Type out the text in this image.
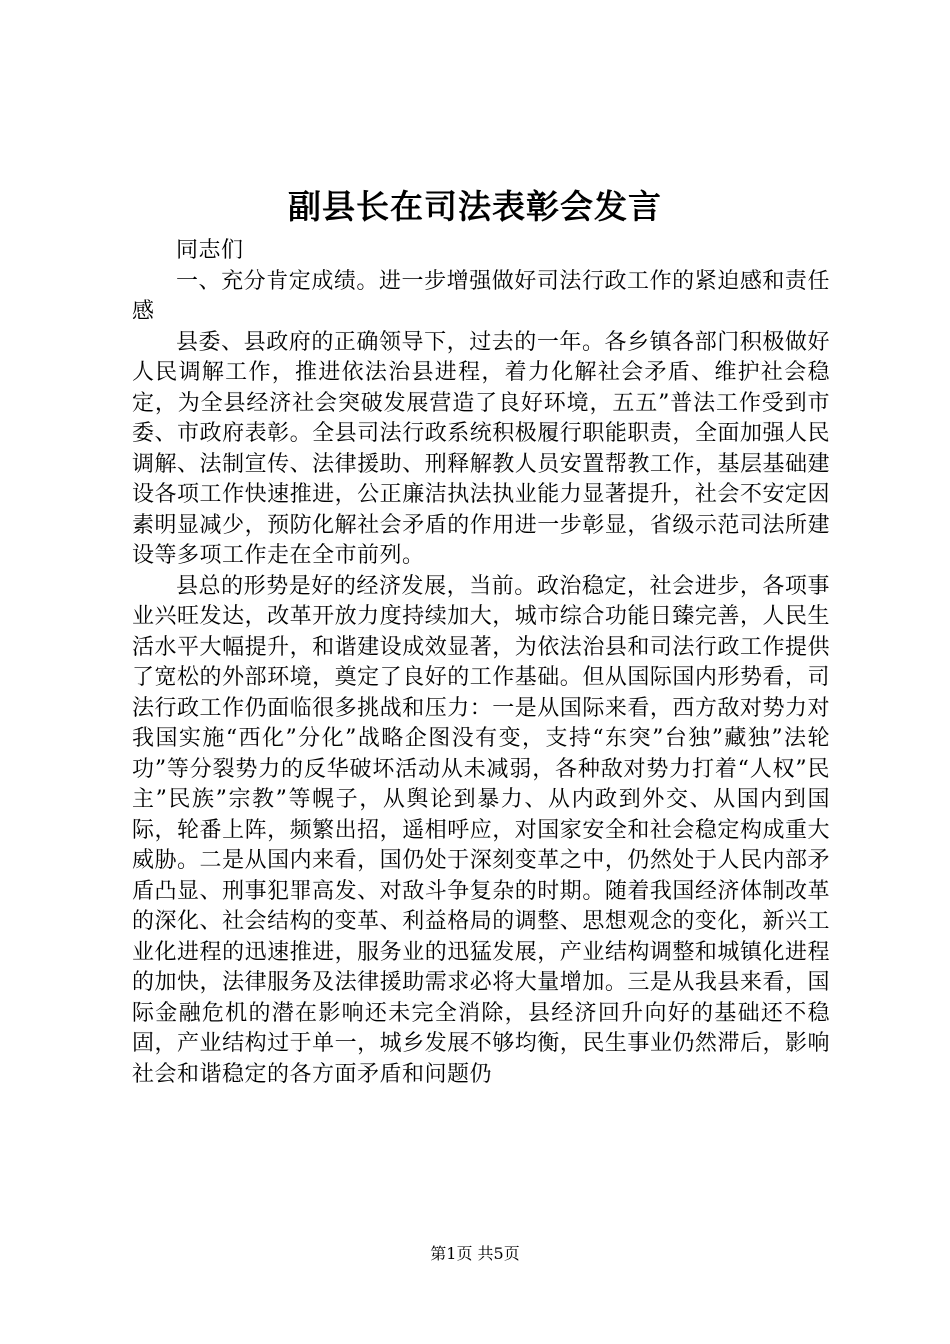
副县长在司法表彰会发言

同志们

一、充分肯定成绩。进一步增强做好司法行政工作的紧迫感和责任感

县委、县政府的正确领导下，过去的一年。各乡镇各部门积极做好人民调解工作，推进依法治县进程，着力化解社会矛盾、维护社会稳定，为全县经济社会突破发展营造了良好环境，五五”普法工作受到市委、市政府表彰。全县司法行政系统积极履行职能职责，全面加强人民调解、法制宣传、法律援助、刑释解教人员安置帮教工作，基层基础建设各项工作快速推进，公正廉洁执法执业能力显著提升，社会不安定因素明显减少，预防化解社会矛盾的作用进一步彰显，省级示范司法所建设等多项工作走在全市前列。

县总的形势是好的经济发展，当前。政治稳定，社会进步，各项事业兴旺发达，改革开放力度持续加大，城市综合功能日臻完善，人民生活水平大幅提升，和谐建设成效显著，为依法治县和司法行政工作提供了宽松的外部环境，奠定了良好的工作基础。但从国际国内形势看，司法行政工作仍面临很多挑战和压力：一是从国际来看，西方敌对势力对我国实施“西化”分化”战略企图没有变，支持“东突”台独”藏独”法轮功”等分裂势力的反华破坏活动从未减弱，各种敌对势力打着“人权”民主”民族”宗教”等幌子，从舆论到暴力、从内政到外交、从国内到国际，轮番上阵，频繁出招，遥相呼应，对国家安全和社会稳定构成重大威胁。二是从国内来看，国仍处于深刻变革之中，仍然处于人民内部矛盾凸显、刑事犯罪高发、对敌斗争复杂的时期。随着我国经济体制改革的深化、社会结构的变革、利益格局的调整、思想观念的变化，新兴工业化进程的迅速推进，服务业的迅猛发展，产业结构调整和城镇化进程的加快，法律服务及法律援助需求必将大量增加。三是从我县来看，国际金融危机的潜在影响还未完全消除，县经济回升向好的基础还不稳固，产业结构过于单一，城乡发展不够均衡，民生事业仍然滞后，影响社会和谐稳定的各方面矛盾和问题仍

第1页 共5页
